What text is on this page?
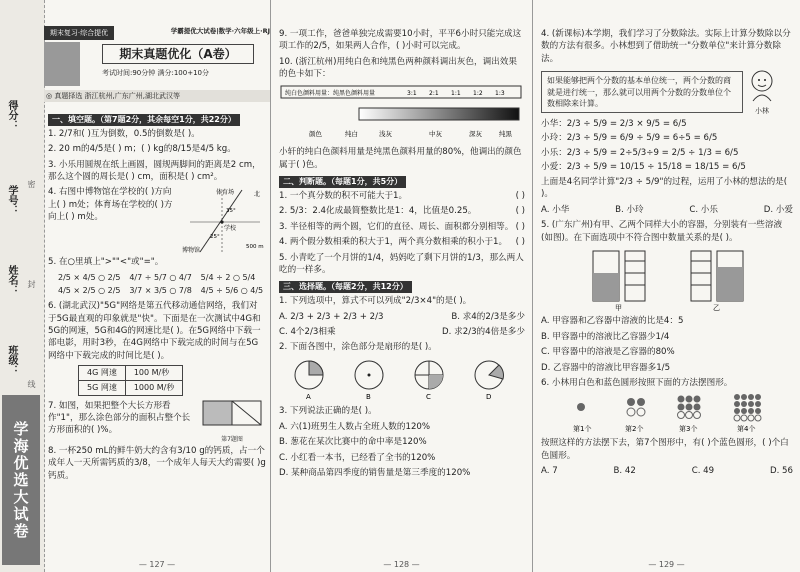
得分：
学号：
姓名：
班级：
密
封
线
学海优选大试卷
期末复习·综合提优	学霸提优大试卷|数学·六年级上·RJ
期末真题优化（A卷）
考试时间:90分钟 满分:100+10分
◎ 真题择选 浙江杭州,广东广州,湖北武汉等
一、填空题。（第7题2分，其余每空1分，共22分）
1. 2/7和( )互为倒数，0.5的倒数是( )。
2. 20 m的4/5是( ) m；( ) kg的8/15是4/5 kg。
3. 小乐用圆规在纸上画圆，圆规两脚间的距离是2 cm，那么这个圆的周长是( ) cm，面积是( ) cm²。
4. 右图中博物馆在学校的( )方向上( ) m处；体育场在学校的( )方向上( ) m处。
体育场
学校
博物馆
北
35°
25°
500 m
5. 在○里填上">""<"或"="。
2/5 × 4/5 ○ 2/5	4/7 ÷ 5/7 ○ 4/7	5/4 ÷ 2 ○ 5/4
4/5 × 2/5 ○ 2/5	3/7 × 3/5 ○ 7/8	4/5 ÷ 5/6 ○ 4/5
6. (湖北武汉)"5G"网络是第五代移动通信网络，我们对于5G最直观的印象就是"快"。下面是在一次测试中4G和5G的网速，5G和4G的网速比是( )。在5G网络中下载一部电影，用时3秒，在4G网络中下载完成的时间与在5G网络中下载完成的时间比是( )。
4G 网速	100 M/秒
5G 网速	1000 M/秒
7. 如图，如果把整个大长方形看作"1"，那么涂色部分的面积占整个长方形面积的( )%。
第7题图
8. 一杯250 mL的鲜牛奶大约含有3/10 g的钙质，占一个成年人一天所需钙质的3/8，一个成年人每天大约需要( )g钙质。
— 127 —
9. 一项工作，爸爸单独完成需要10小时，平平6小时只能完成这项工作的2/5，如果两人合作，( )小时可以完成。
10. (浙江杭州)用纯白色和纯黑色两种颜料调出灰色，调出效果的色卡如下：
纯白色颜料用量：纯黑色颜料用量	3:1 2:1 1:1 1:2 1:3
颜色	纯白	浅灰	中灰	深灰	纯黑
小轩的纯白色颜料用量是纯黑色颜料用量的80%，他调出的颜色属于( )色。
二、判断题。（每题1分，共5分）
1. 一个真分数的积不可能大于1。	( )
2. 5/3：2.4化成最简整数比是1：4，比值是0.25。	( )
3. 半径相等的两个圆，它们的直径、周长、面积都分别相等。 ( )
4. 两个假分数相乘的积大于1，两个真分数相乘的积小于1。 ( )
5. 小青吃了一个月饼的1/4，妈妈吃了剩下月饼的1/3，那么两人吃的一样多。
三、选择题。（每题2分，共12分）
1. 下列选项中，算式不可以列成"2/3×4"的是( )。
A. 2/3 + 2/3 + 2/3 + 2/3	B. 求4的2/3是多少
C. 4个2/3相乘	D. 求2/3的4倍是多少
2. 下面各图中，涂色部分是扇形的是( )。
A	B	C	D
3. 下列说法正确的是( )。
A. 六(1)班男生人数占全班人数的120%
B. 葱花在某次比赛中的命中率是120%
C. 小红看一本书，已经看了全书的120%
D. 某种商品第四季度的销售量是第三季度的120%
— 128 —
4. (新课标)本学期，我们学习了分数除法。实际上计算分数除以分数的方法有很多。小林想到了借助统一"分数单位"来计算分数除法。
如果能够把两个分数的基本单位统一，两个分数的商就是进行统一，那么就可以用两个分数的分数单位个数相除来计算。
小林
小华：2/3 ÷ 5/9 = 2/3 × 9/5 = 6/5
小玲：2/3 ÷ 5/9 = 6/9 ÷ 5/9 = 6÷5 = 6/5
小乐：2/3 ÷ 5/9 = 2÷5/3÷9 = 2/5 ÷ 1/3 = 6/5
小爱：2/3 ÷ 5/9 = 10/15 ÷ 15/18 = 18/15 = 6/5
上面是4名同学计算"2/3 ÷ 5/9"的过程，运用了小林的想法的是( )。
A. 小华	B. 小玲	C. 小乐	D. 小爱
5. (广东广州)有甲、乙两个同样大小的容器，分别装有一些溶液(如图)。在下面选项中不符合图中数量关系的是( )。
甲	乙
A. 甲容器和乙容器中溶液的比是4：5
B. 甲容器中的溶液比乙容器少1/4
C. 甲容器中的溶液是乙容器的80%
D. 乙容器中的溶液比甲容器多1/5
6. 小林用白色和蓝色圆形按照下面的方法摆图形。
第1个	第2个	第3个	第4个
按照这样的方法摆下去，第7个图形中，有( )个蓝色圆形，( )个白色圆形。
A. 7	B. 42	C. 49	D. 56
— 129 —
